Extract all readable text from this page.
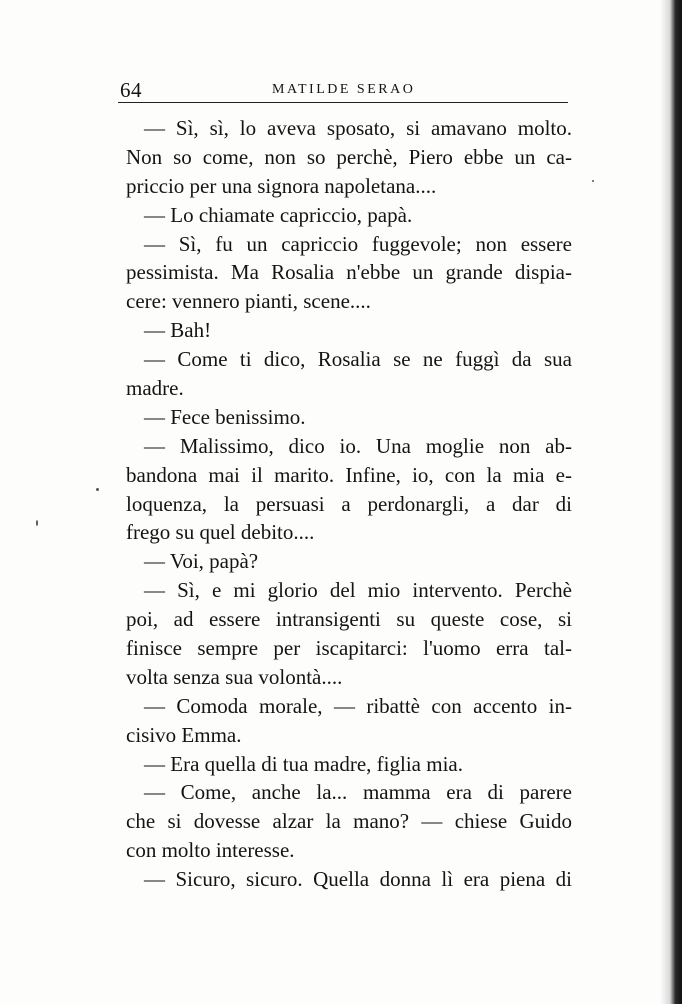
64	MATILDE SERAO
— Sì, sì, lo aveva sposato, si amavano molto.
Non so come, non so perchè, Piero ebbe un ca-
priccio per una signora napoletana....
— Lo chiamate capriccio, papà.
— Sì, fu un capriccio fuggevole; non essere
pessimista. Ma Rosalia n'ebbe un grande dispia-
cere: vennero pianti, scene....
— Bah!
— Come ti dico, Rosalia se ne fuggì da sua
madre.
— Fece benissimo.
— Malissimo, dico io. Una moglie non ab-
bandona mai il marito. Infine, io, con la mia e-
loquenza, la persuasi a perdonargli, a dar di
frego su quel debito....
— Voi, papà?
— Sì, e mi glorio del mio intervento. Perchè
poi, ad essere intransigenti su queste cose, si
finisce sempre per iscapitarci: l'uomo erra tal-
volta senza sua volontà....
— Comoda morale, — ribattè con accento in-
cisivo Emma.
— Era quella di tua madre, figlia mia.
— Come, anche la... mamma era di parere
che si dovesse alzar la mano? — chiese Guido
con molto interesse.
— Sicuro, sicuro. Quella donna lì era piena di
